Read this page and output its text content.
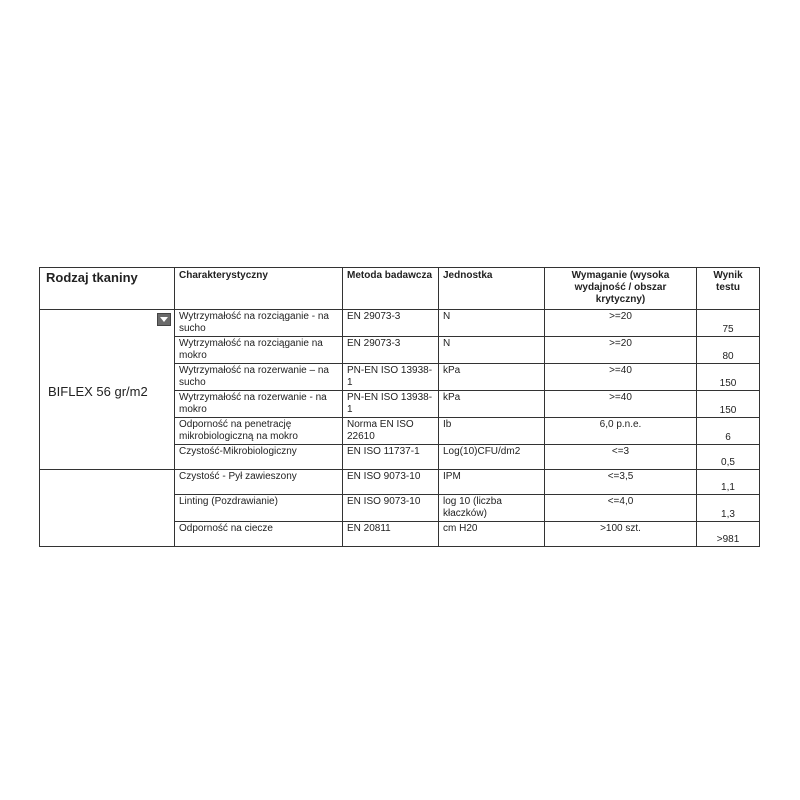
Rodzaj tkaniny	Charakterystyczny	Metoda badawcza	Jednostka	Wymaganie (wysoka wydajność / obszar krytyczny)	Wynik testu

BIFLEX 56 gr/m2	Wytrzymałość na rozciąganie - na sucho	EN 29073-3	N	>=20	75
	Wytrzymałość na rozciąganie na mokro	EN 29073-3	N	>=20	80
	Wytrzymałość na rozerwanie – na sucho	PN-EN ISO 13938-1	kPa	>=40	150
	Wytrzymałość na rozerwanie - na mokro	PN-EN ISO 13938-1	kPa	>=40	150
	Odporność na penetrację mikrobiologiczną na mokro	Norma EN ISO 22610	Ib	6,0 p.n.e.	6
	Czystość-Mikrobiologiczny	EN ISO 11737-1	Log(10)CFU/dm2	<=3	0,5
	Czystość - Pył zawieszony	EN ISO 9073-10	IPM	<=3,5	1,1
	Linting (Pozdrawianie)	EN ISO 9073-10	log 10 (liczba kłaczków)	<=4,0	1,3
	Odporność na ciecze	EN 20811	cm H20	>100 szt.	>981
